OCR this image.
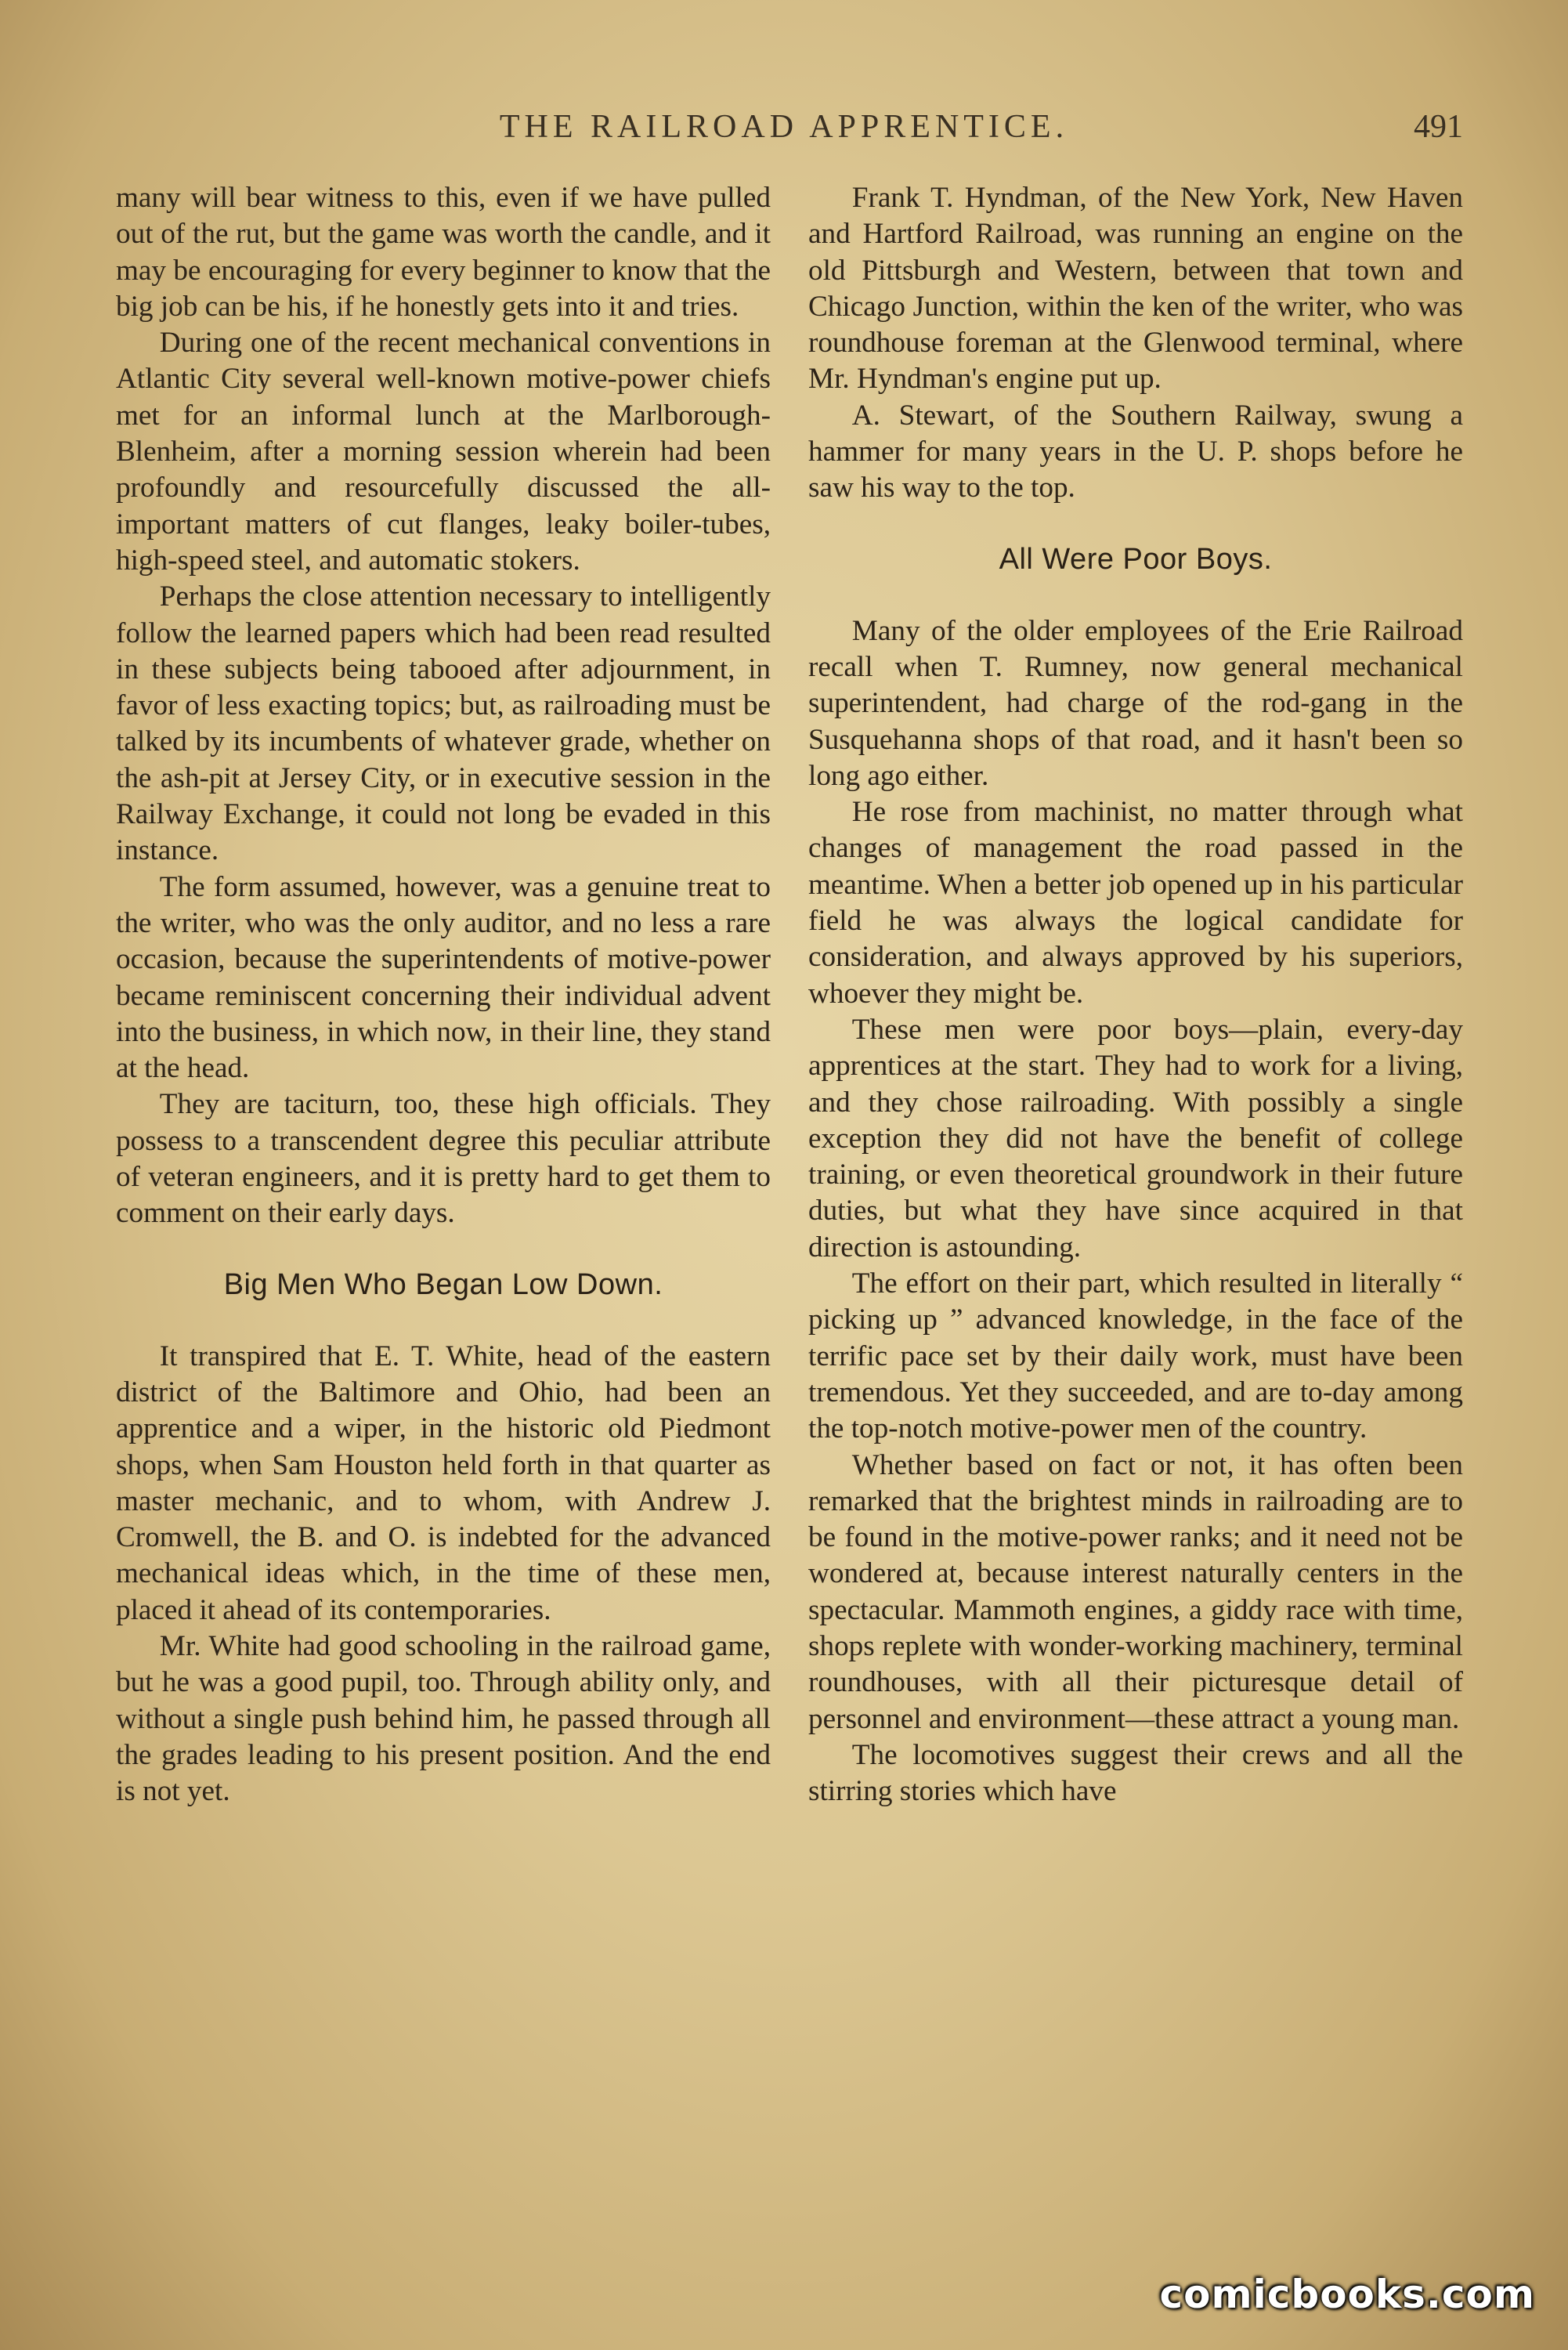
THE RAILROAD APPRENTICE.	491

many will bear witness to this, even if we have pulled out of the rut, but the game was worth the candle, and it may be encouraging for every beginner to know that the big job can be his, if he honestly gets into it and tries.

During one of the recent mechanical conventions in Atlantic City several well-known motive-power chiefs met for an informal lunch at the Marlborough-Blenheim, after a morning session wherein had been profoundly and resourcefully discussed the all-important matters of cut flanges, leaky boiler-tubes, high-speed steel, and automatic stokers.

Perhaps the close attention necessary to intelligently follow the learned papers which had been read resulted in these subjects being tabooed after adjournment, in favor of less exacting topics; but, as railroading must be talked by its incumbents of whatever grade, whether on the ash-pit at Jersey City, or in executive session in the Railway Exchange, it could not long be evaded in this instance.

The form assumed, however, was a genuine treat to the writer, who was the only auditor, and no less a rare occasion, because the superintendents of motive-power became reminiscent concerning their individual advent into the business, in which now, in their line, they stand at the head.

They are taciturn, too, these high officials. They possess to a transcendent degree this peculiar attribute of veteran engineers, and it is pretty hard to get them to comment on their early days.

Big Men Who Began Low Down.

It transpired that E. T. White, head of the eastern district of the Baltimore and Ohio, had been an apprentice and a wiper, in the historic old Piedmont shops, when Sam Houston held forth in that quarter as master mechanic, and to whom, with Andrew J. Cromwell, the B. and O. is indebted for the advanced mechanical ideas which, in the time of these men, placed it ahead of its contemporaries.

Mr. White had good schooling in the railroad game, but he was a good pupil, too. Through ability only, and without a single push behind him, he passed through all the grades leading to his present position. And the end is not yet.

Frank T. Hyndman, of the New York, New Haven and Hartford Railroad, was running an engine on the old Pittsburgh and Western, between that town and Chicago Junction, within the ken of the writer, who was roundhouse foreman at the Glenwood terminal, where Mr. Hyndman's engine put up.

A. Stewart, of the Southern Railway, swung a hammer for many years in the U. P. shops before he saw his way to the top.

All Were Poor Boys.

Many of the older employees of the Erie Railroad recall when T. Rumney, now general mechanical superintendent, had charge of the rod-gang in the Susquehanna shops of that road, and it hasn't been so long ago either.

He rose from machinist, no matter through what changes of management the road passed in the meantime. When a better job opened up in his particular field he was always the logical candidate for consideration, and always approved by his superiors, whoever they might be.

These men were poor boys—plain, every-day apprentices at the start. They had to work for a living, and they chose railroading. With possibly a single exception they did not have the benefit of college training, or even theoretical groundwork in their future duties, but what they have since acquired in that direction is astounding.

The effort on their part, which resulted in literally “ picking up ” advanced knowledge, in the face of the terrific pace set by their daily work, must have been tremendous. Yet they succeeded, and are to-day among the top-notch motive-power men of the country.

Whether based on fact or not, it has often been remarked that the brightest minds in railroading are to be found in the motive-power ranks; and it need not be wondered at, because interest naturally centers in the spectacular. Mammoth engines, a giddy race with time, shops replete with wonder-working machinery, terminal roundhouses, with all their picturesque detail of personnel and environment—these attract a young man.

The locomotives suggest their crews and all the stirring stories which have

comicbooks.com
